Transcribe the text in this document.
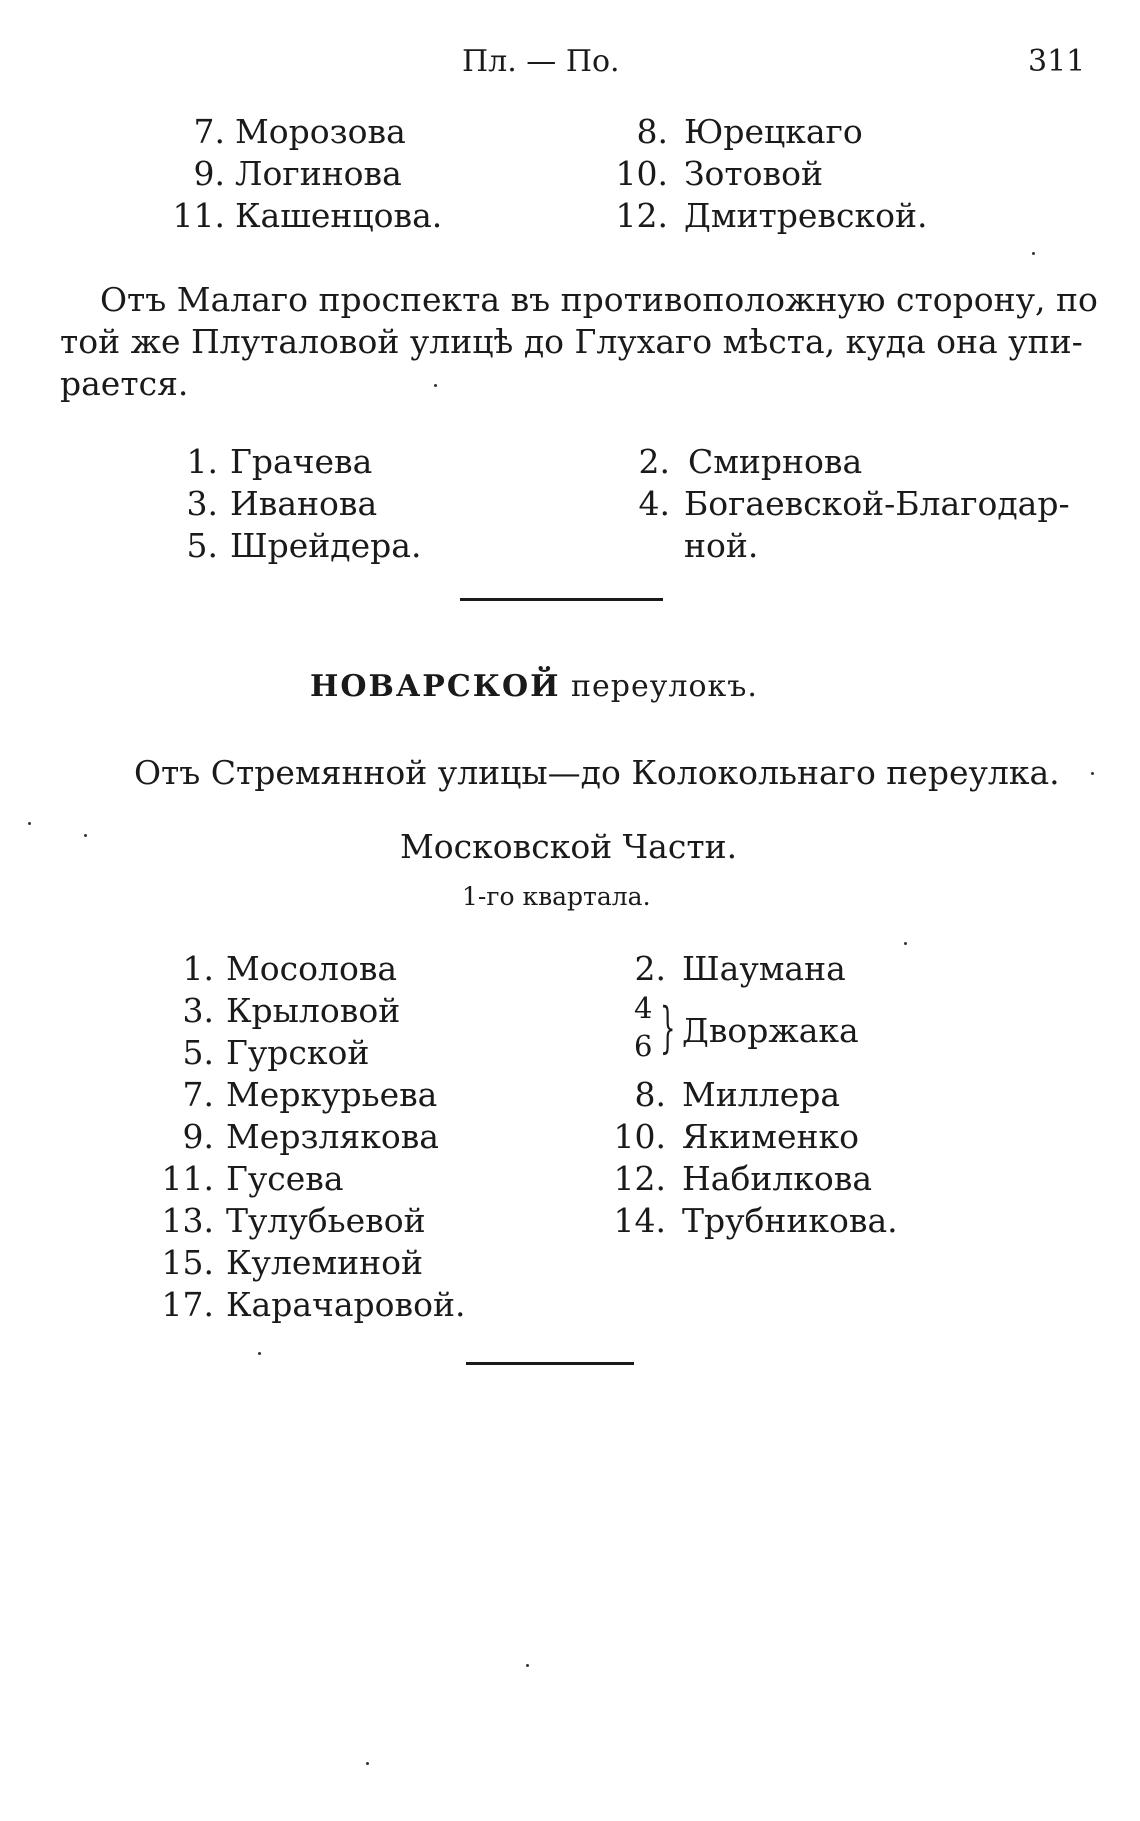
Пл. — По.	311
7. Морозова
9. Логинова
11. Кашенцова.
8. Юрецкаго
10. Зотовой
12. Дмитревской.
Отъ Малаго проспекта въ противоположную сторону, по
той же Плуталовой улицѣ до Глухаго мѣста, куда она упи-
рается.
1. Грачева
3. Иванова
5. Шрейдера.
2. Смирнова
4. Богаевской-Благодар-
ной.
НОВАРСКОЙ переулокъ.
Отъ Стремянной улицы—до Колокольнаго переулка.
Московской Части.
1-го квартала.
1. Мосолова
3. Крыловой
5. Гурской
7. Меркурьева
9. Мерзлякова
11. Гусева
13. Тулубьевой
15. Кулеминой
17. Карачаровой.
2. Шаумана
4
6 } Дворжака
8. Миллера
10. Якименко
12. Набилкова
14. Трубникова.
